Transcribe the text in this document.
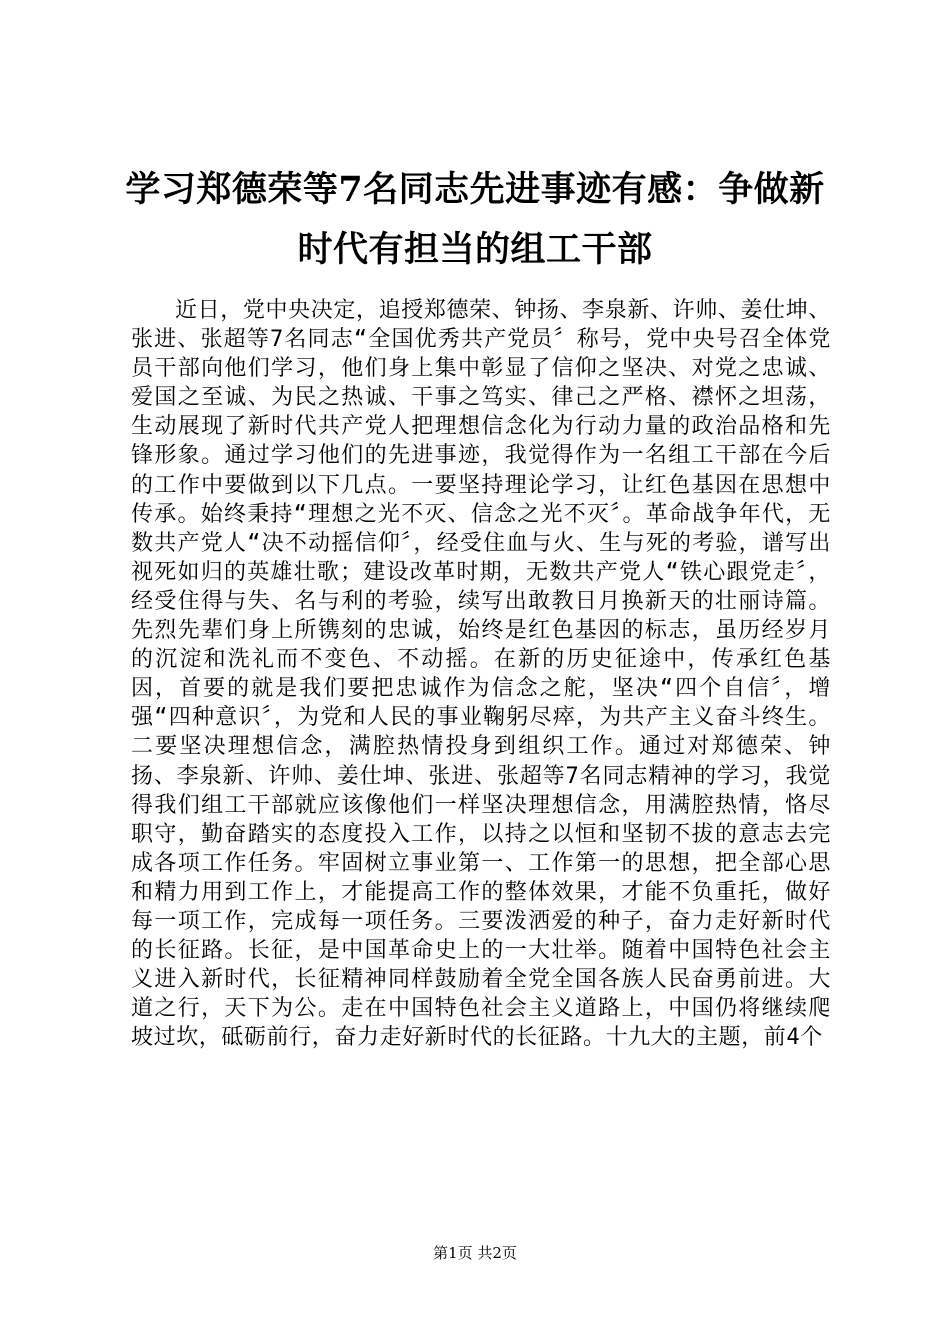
学习郑德荣等7名同志先进事迹有感：争做新时代有担当的组工干部

近日，党中央决定，追授郑德荣、钟扬、李泉新、许帅、姜仕坤、张进、张超等7名同志“全国优秀共产党员〞称号，党中央号召全体党员干部向他们学习，他们身上集中彰显了信仰之坚决、对党之忠诚、爱国之至诚、为民之热诚、干事之笃实、律己之严格、襟怀之坦荡，生动展现了新时代共产党人把理想信念化为行动力量的政治品格和先锋形象。通过学习他们的先进事迹，我觉得作为一名组工干部在今后的工作中要做到以下几点。一要坚持理论学习，让红色基因在思想中传承。始终秉持“理想之光不灭、信念之光不灭〞。革命战争年代，无数共产党人“决不动摇信仰〞，经受住血与火、生与死的考验，谱写出视死如归的英雄壮歌；建设改革时期，无数共产党人“铁心跟党走〞，经受住得与失、名与利的考验，续写出敢教日月换新天的壮丽诗篇。先烈先辈们身上所镌刻的忠诚，始终是红色基因的标志，虽历经岁月的沉淀和洗礼而不变色、不动摇。在新的历史征途中，传承红色基因，首要的就是我们要把忠诚作为信念之舵，坚决“四个自信〞，增强“四种意识〞，为党和人民的事业鞠躬尽瘁，为共产主义奋斗终生。二要坚决理想信念，满腔热情投身到组织工作。通过对郑德荣、钟扬、李泉新、许帅、姜仕坤、张进、张超等7名同志精神的学习，我觉得我们组工干部就应该像他们一样坚决理想信念，用满腔热情，恪尽职守，勤奋踏实的态度投入工作，以持之以恒和坚韧不拔的意志去完成各项工作任务。牢固树立事业第一、工作第一的思想，把全部心思和精力用到工作上，才能提高工作的整体效果，才能不负重托，做好每一项工作，完成每一项任务。三要泼洒爱的种子，奋力走好新时代的长征路。长征，是中国革命史上的一大壮举。随着中国特色社会主义进入新时代，长征精神同样鼓励着全党全国各族人民奋勇前进。大道之行，天下为公。走在中国特色社会主义道路上，中国仍将继续爬坡过坎，砥砺前行，奋力走好新时代的长征路。十九大的主题，前4个

第1页 共2页
